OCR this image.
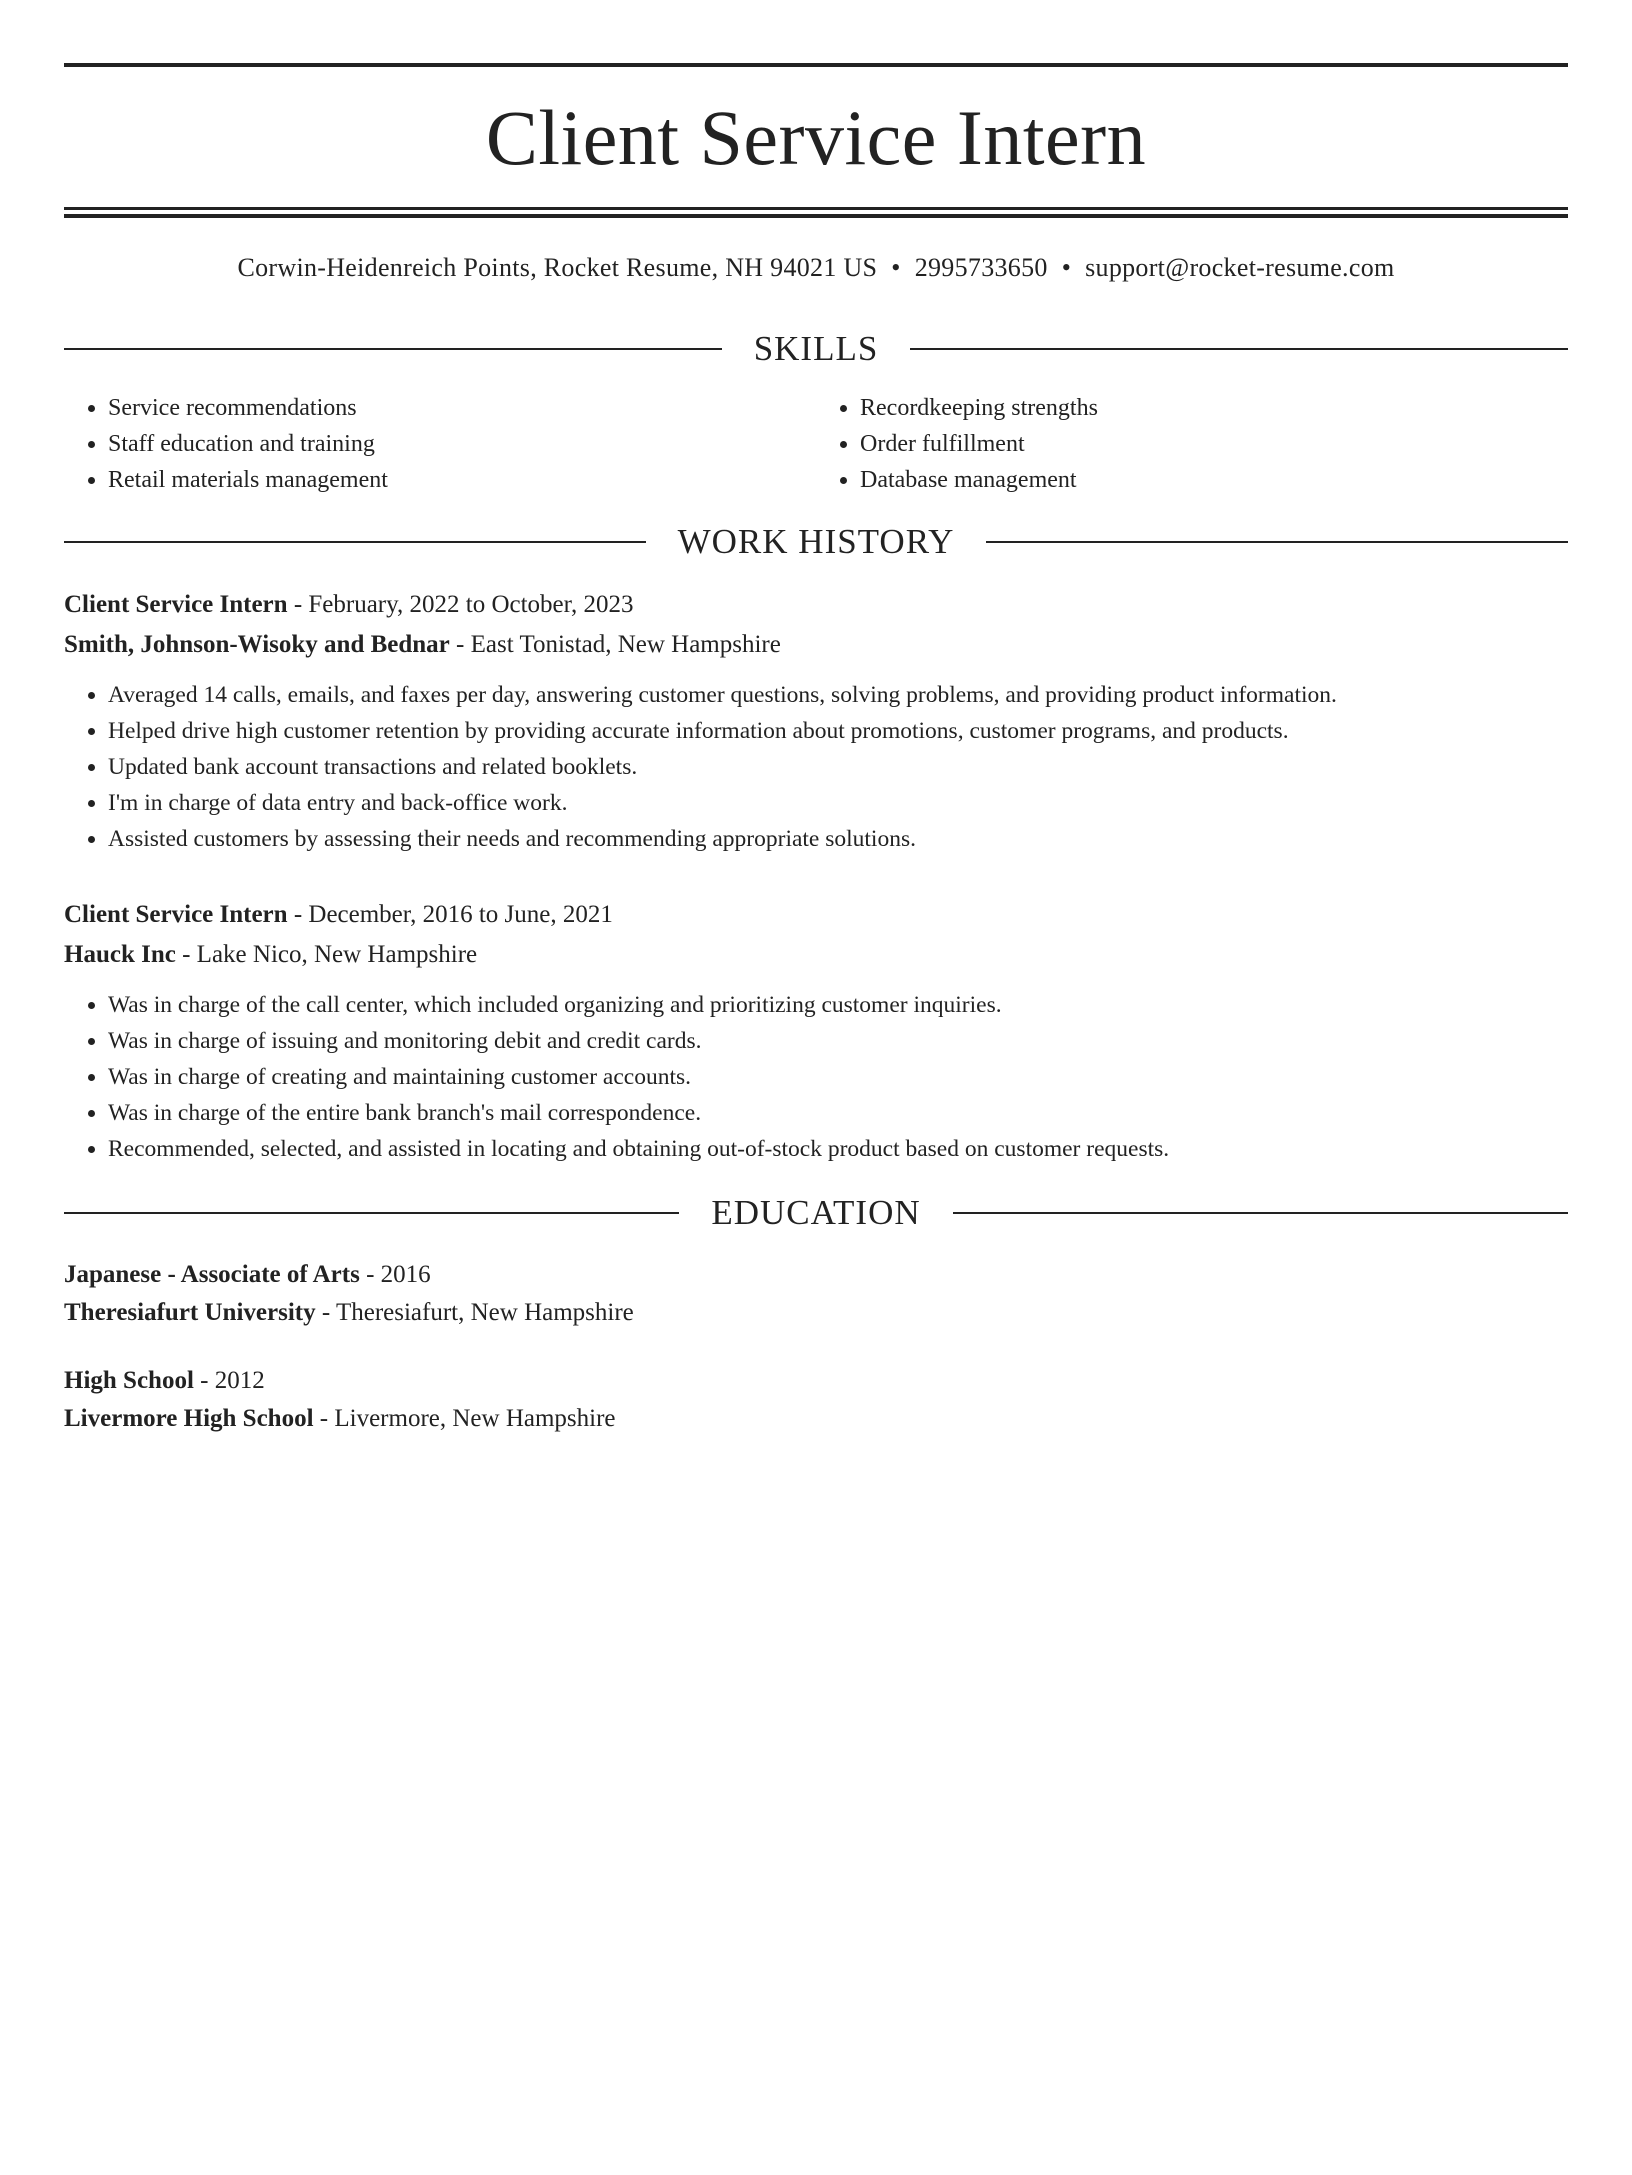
Client Service Intern
Corwin-Heidenreich Points, Rocket Resume, NH 94021 US • 2995733650 • support@rocket-resume.com
SKILLS
• Service recommendations
• Staff education and training
• Retail materials management
• Recordkeeping strengths
• Order fulfillment
• Database management
WORK HISTORY
Client Service Intern - February, 2022 to October, 2023
Smith, Johnson-Wisoky and Bednar - East Tonistad, New Hampshire
• Averaged 14 calls, emails, and faxes per day, answering customer questions, solving problems, and providing product information.
• Helped drive high customer retention by providing accurate information about promotions, customer programs, and products.
• Updated bank account transactions and related booklets.
• I'm in charge of data entry and back-office work.
• Assisted customers by assessing their needs and recommending appropriate solutions.
Client Service Intern - December, 2016 to June, 2021
Hauck Inc - Lake Nico, New Hampshire
• Was in charge of the call center, which included organizing and prioritizing customer inquiries.
• Was in charge of issuing and monitoring debit and credit cards.
• Was in charge of creating and maintaining customer accounts.
• Was in charge of the entire bank branch's mail correspondence.
• Recommended, selected, and assisted in locating and obtaining out-of-stock product based on customer requests.
EDUCATION
Japanese - Associate of Arts - 2016
Theresiafurt University - Theresiafurt, New Hampshire
High School - 2012
Livermore High School - Livermore, New Hampshire
